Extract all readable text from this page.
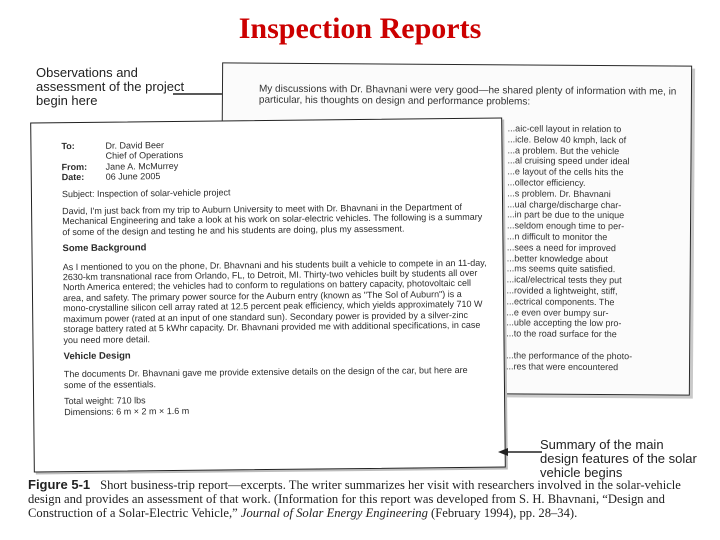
Inspection Reports
Observations and assessment of the project begin here
My discussions with Dr. Bhavnani were very good—he shared plenty of information with me, in particular, his thoughts on design and performance problems:
...aic-cell layout in relation to
...icle. Below 40 kmph, lack of
...a problem. But the vehicle
...al cruising speed under ideal
...e layout of the cells hits the
...ollector efficiency.
...s problem. Dr. Bhavnani
...ual charge/discharge char-
...in part be due to the unique
...seldom enough time to per-
...n difficult to monitor the
...sees a need for improved
...better knowledge about
...ms seems quite satisfied.
...ical/electrical tests they put
...rovided a lightweight, stiff,
...ectrical components. The
...e even over bumpy sur-
...uble accepting the low pro-
...to the road surface for the

...the performance of the photo-
...res that were encountered
To:	Dr. David Beer
Chief of Operations
From:	Jane A. McMurrey
Date:	06 June 2005
Subject: Inspection of solar-vehicle project
David, I'm just back from my trip to Auburn University to meet with Dr. Bhavnani in the Department of Mechanical Engineering and take a look at his work on solar-electric vehicles. The following is a summary of some of the design and testing he and his students are doing, plus my assessment.
Some Background
As I mentioned to you on the phone, Dr. Bhavnani and his students built a vehicle to compete in an 11-day, 2630-km transnational race from Orlando, FL, to Detroit, MI. Thirty-two vehicles built by students all over North America entered; the vehicles had to conform to regulations on battery capacity, photovoltaic cell area, and safety. The primary power source for the Auburn entry (known as "The Sol of Auburn") is a mono-crystalline silicon cell array rated at 12.5 percent peak efficiency, which yields approximately 710 W maximum power (rated at an input of one standard sun). Secondary power is provided by a silver-zinc storage battery rated at 5 kWhr capacity. Dr. Bhavnani provided me with additional specifications, in case you need more detail.
Vehicle Design
The documents Dr. Bhavnani gave me provide extensive details on the design of the car, but here are some of the essentials.
Total weight: 710 lbs
Dimensions: 6 m × 2 m × 1.6 m
Summary of the main design features of the solar vehicle begins
Figure 5-1 Short business-trip report—excerpts. The writer summarizes her visit with researchers involved in the solar-vehicle design and provides an assessment of that work. (Information for this report was developed from S. H. Bhavnani, “Design and Construction of a Solar-Electric Vehicle,” Journal of Solar Energy Engineering (February 1994), pp. 28–34).
